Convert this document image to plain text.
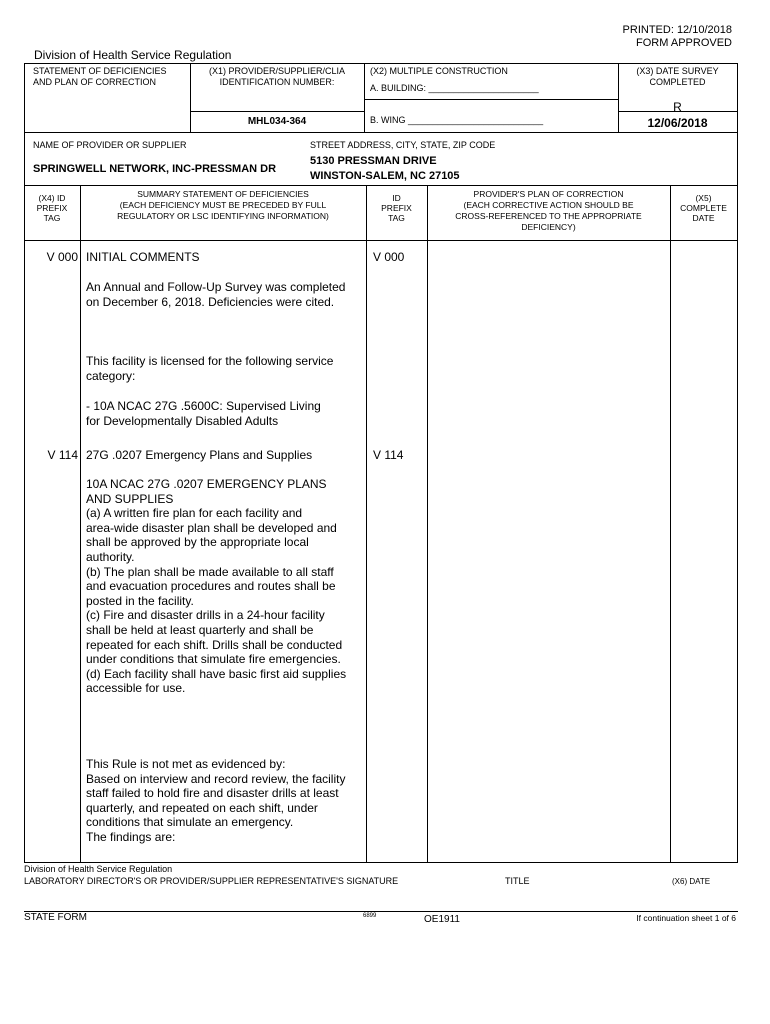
PRINTED: 12/10/2018
FORM APPROVED
Division of Health Service Regulation
STATEMENT OF DEFICIENCIES
AND PLAN OF CORRECTION
(X1) PROVIDER/SUPPLIER/CLIA
IDENTIFICATION NUMBER:
MHL034-364
(X2) MULTIPLE CONSTRUCTION
A. BUILDING: ______________________
B. WING ___________________________
(X3) DATE SURVEY
COMPLETED
R
12/06/2018
NAME OF PROVIDER OR SUPPLIER
SPRINGWELL NETWORK, INC-PRESSMAN DR
STREET ADDRESS, CITY, STATE, ZIP CODE
5130 PRESSMAN DRIVE
WINSTON-SALEM, NC 27105
(X4) ID
PREFIX
TAG
SUMMARY STATEMENT OF DEFICIENCIES
(EACH DEFICIENCY MUST BE PRECEDED BY FULL
REGULATORY OR LSC IDENTIFYING INFORMATION)
ID
PREFIX
TAG
PROVIDER'S PLAN OF CORRECTION
(EACH CORRECTIVE ACTION SHOULD BE
CROSS-REFERENCED TO THE APPROPRIATE
DEFICIENCY)
(X5)
COMPLETE
DATE
V 000 INITIAL COMMENTS	V 000
An Annual and Follow-Up Survey was completed
on December 6, 2018. Deficiencies were cited.
This facility is licensed for the following service
category:
- 10A NCAC 27G .5600C: Supervised Living
for Developmentally Disabled Adults
V 114 27G .0207 Emergency Plans and Supplies	V 114
10A NCAC 27G .0207 EMERGENCY PLANS
AND SUPPLIES
(a) A written fire plan for each facility and
area-wide disaster plan shall be developed and
shall be approved by the appropriate local
authority.
(b) The plan shall be made available to all staff
and evacuation procedures and routes shall be
posted in the facility.
(c) Fire and disaster drills in a 24-hour facility
shall be held at least quarterly and shall be
repeated for each shift. Drills shall be conducted
under conditions that simulate fire emergencies.
(d) Each facility shall have basic first aid supplies
accessible for use.
This Rule is not met as evidenced by:
Based on interview and record review, the facility
staff failed to hold fire and disaster drills at least
quarterly, and repeated on each shift, under
conditions that simulate an emergency.
The findings are:
Division of Health Service Regulation
LABORATORY DIRECTOR'S OR PROVIDER/SUPPLIER REPRESENTATIVE'S SIGNATURE	TITLE	(X6) DATE
STATE FORM	6899	OE1911	If continuation sheet 1 of 6
